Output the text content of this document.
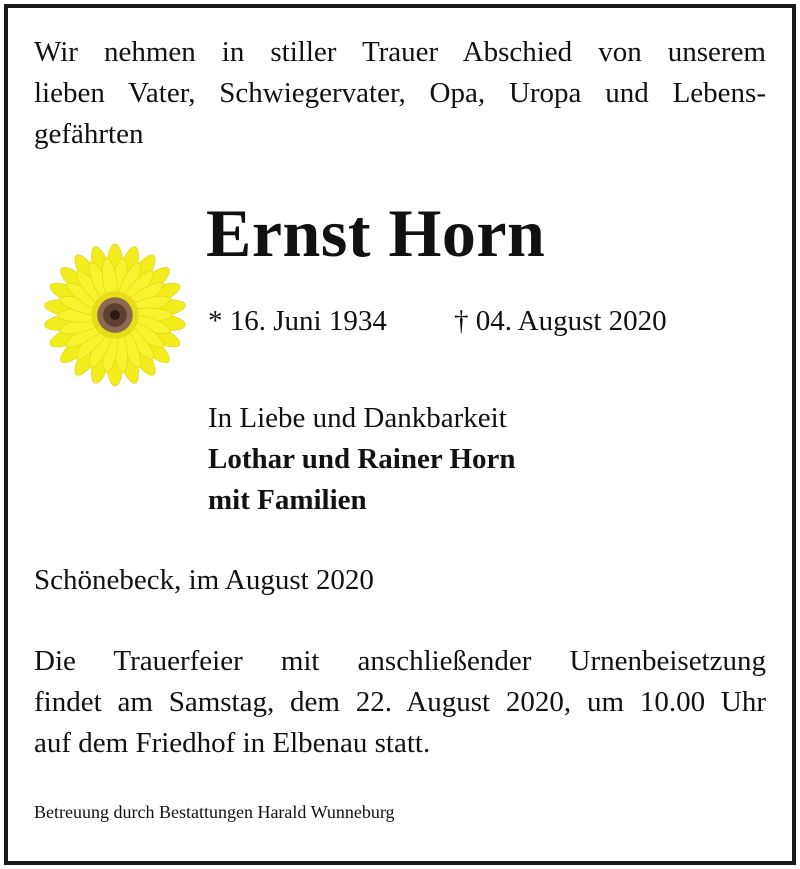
Wir nehmen in stiller Trauer Abschied von unserem
lieben Vater, Schwiegervater, Opa, Uropa und Lebens-
gefährten

Ernst Horn
* 16. Juni 1934 † 04. August 2020
In Liebe und Dankbarkeit
Lothar und Rainer Horn
mit Familien

Schönebeck, im August 2020

Die Trauerfeier mit anschließender Urnenbeisetzung
findet am Samstag, dem 22. August 2020, um 10.00 Uhr
auf dem Friedhof in Elbenau statt.

Betreuung durch Bestattungen Harald Wunneburg
